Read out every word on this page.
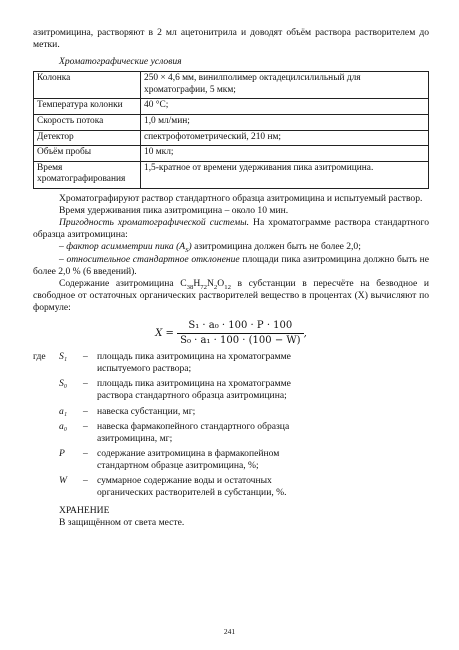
азитромицина, растворяют в 2 мл ацетонитрила и доводят объём раствора растворителем до метки.

Хроматографические условия

Колонка	250 × 4,6 мм, винилполимер октадецилсилильный для хроматографии, 5 мкм;
Температура колонки	40 °С;
Скорость потока	1,0 мл/мин;
Детектор	спектрофотометрический, 210 нм;
Объём пробы	10 мкл;
Время хроматографирования	1,5-кратное от времени удерживания пика азитромицина.

Хроматографируют раствор стандартного образца азитромицина и испытуемый раствор.

Время удерживания пика азитромицина – около 10 мин.

Пригодность хроматографической системы. На хроматограмме раствора стандартного образца азитромицина:

– фактор асимметрии пика $(A_S)$ азитромицина должен быть не более 2,0;

– относительное стандартное отклонение площади пика азитромицина должно быть не более 2,0 % (6 введений).

Содержание азитромицина $C_{38}H_{72}N_2O_{12}$ в субстанции в пересчёте на безводное и свободное от остаточных органических растворителей вещество в процентах (X) вычисляют по формуле:

$X = \frac{\text{S₁ · a₀ · 100 · P · 100}}{\text{S₀ · a₁ · 100 · (100 − W)}}$ ,
где	S₁	– площадь пика азитромицина на хроматограмме испытуемого раствора;
S₀	– площадь пика азитромицина на хроматограмме раствора стандартного образца азитромицина;
a₁	– навеска субстанции, мг;
a₀	– навеска фармакопейного стандартного образца азитромицина, мг;
P	– содержание азитромицина в фармакопейном стандартном образце азитромицина, %;
W	– суммарное содержание воды и остаточных органических растворителей в субстанции, %.

ХРАНЕНИЕ

В защищённом от света месте.

241
